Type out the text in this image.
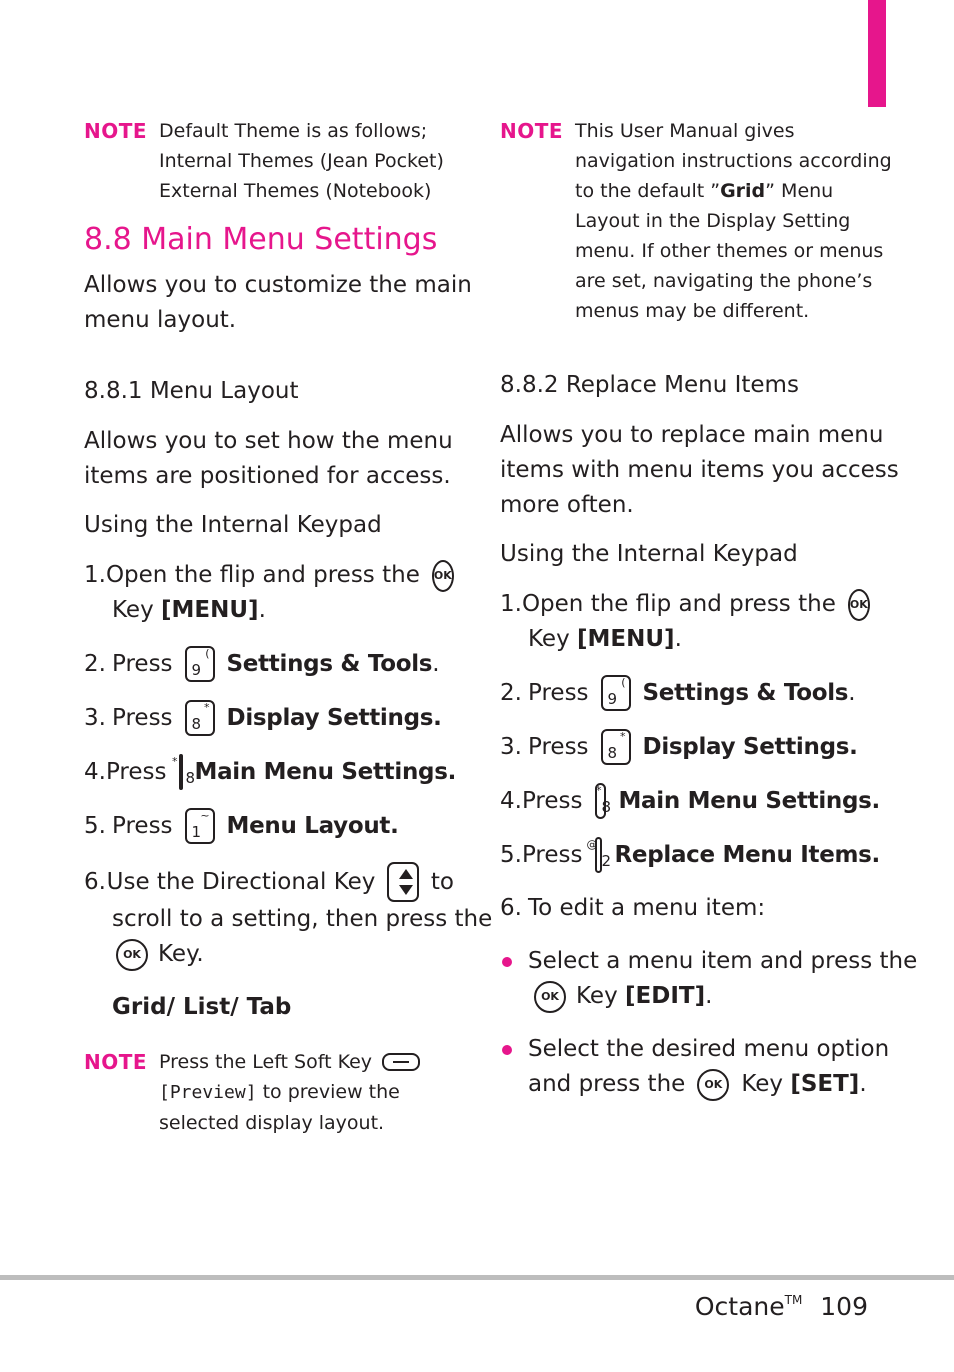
NOTE Default Theme is as follows;
Internal Themes (Jean Pocket)
External Themes (Notebook)
8.8 Main Menu Settings
Allows you to customize the main
menu layout.
8.8.1 Menu Layout
Allows you to set how the menu
items are positioned for access.
Using the Internal Keypad
1. Open the flip and press the OK
Key [MENU].
2. Press 9
( Settings & Tools .
3. Press 8
* Display Settings.
4. Press 8
* Main Menu Settings.
5. Press 1
~ Menu Layout.
6. Use the Directional Key to
scroll to a setting, then press the
OK Key.
Grid/ List/ Tab
NOTE Press the Left Soft Key
[Preview] to preview the
selected display layout.
NOTE This User Manual gives
navigation instructions according
to the default ”Grid” Menu
Layout in the Display Setting
menu. If other themes or menus
are set, navigating the phone’s
menus may be different.
8.8.2 Replace Menu Items
Allows you to replace main menu
items with menu items you access
more often.
Using the Internal Keypad
1. Open the flip and press the OK
Key [MENU].
2. Press 9
( Settings & Tools .
3. Press 8
* Display Settings.
4. Press 8
* Main Menu Settings.
5. Press 2
@ Replace Menu Items.
6. To edit a menu item:
Select a menu item and press the
OK Key
[EDIT] .
Select the desired menu option
and press the	OK Key
[SET] .
Octane™ 109
